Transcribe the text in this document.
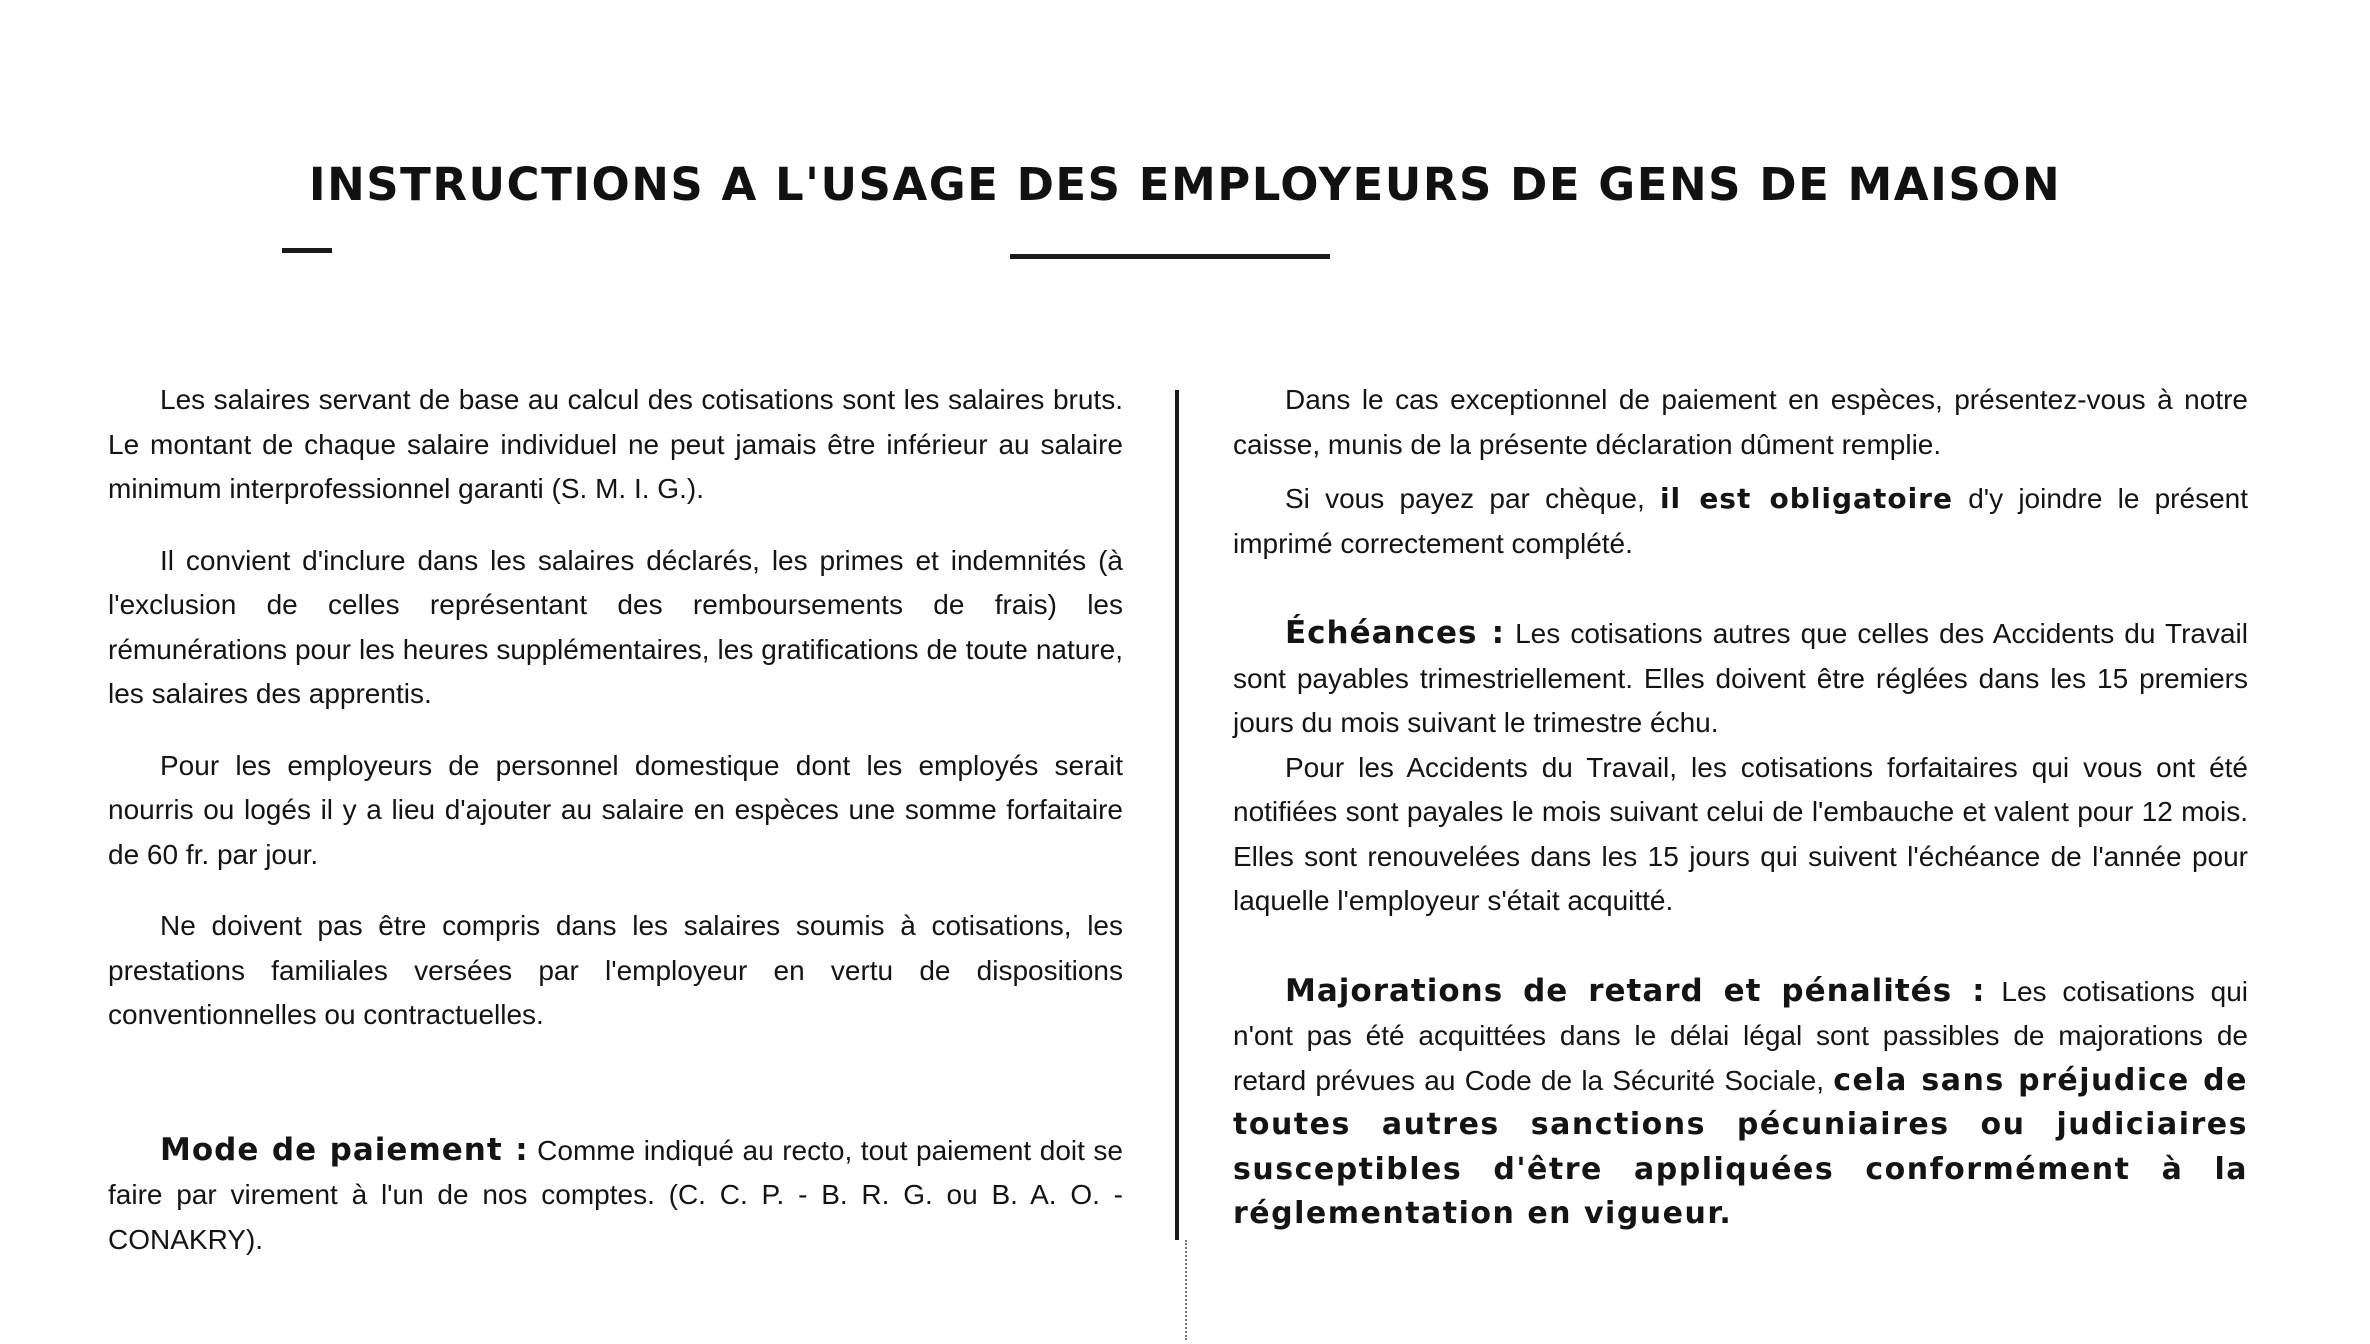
INSTRUCTIONS A L'USAGE DES EMPLOYEURS DE GENS DE MAISON

Les salaires servant de base au calcul des cotisations sont les salaires bruts. Le montant de chaque salaire individuel ne peut jamais être inférieur au salaire minimum interprofessionnel garanti (S. M. I. G.).

Il convient d'inclure dans les salaires déclarés, les primes et indemnités (à l'exclusion de celles représentant des remboursements de frais) les rémunérations pour les heures supplémentaires, les gratifications de toute nature, les salaires des apprentis.

Pour les employeurs de personnel domestique dont les employés serait nourris ou logés il y a lieu d'ajouter au salaire en espèces une somme forfaitaire de 60 fr. par jour.

Ne doivent pas être compris dans les salaires soumis à cotisations, les prestations familiales versées par l'employeur en vertu de dispositions conventionnelles ou contractuelles.

Mode de paiement : Comme indiqué au recto, tout paiement doit se faire par virement à l'un de nos comptes. (C. C. P. - B. R. G. ou B. A. O. - CONAKRY).

Dans le cas exceptionnel de paiement en espèces, présentez-vous à notre caisse, munis de la présente déclaration dûment remplie.

Si vous payez par chèque, il est obligatoire d'y joindre le présent imprimé correctement complété.

Échéances : Les cotisations autres que celles des Accidents du Travail sont payables trimestriellement. Elles doivent être réglées dans les 15 premiers jours du mois suivant le trimestre échu.

Pour les Accidents du Travail, les cotisations forfaitaires qui vous ont été notifiées sont payales le mois suivant celui de l'embauche et valent pour 12 mois. Elles sont renouvelées dans les 15 jours qui suivent l'échéance de l'année pour laquelle l'employeur s'était acquitté.

Majorations de retard et pénalités : Les cotisations qui n'ont pas été acquittées dans le délai légal sont passibles de majorations de retard prévues au Code de la Sécurité Sociale, cela sans préjudice de toutes autres sanctions pécuniaires ou judiciaires susceptibles d'être appliquées conformément à la réglementation en vigueur.
